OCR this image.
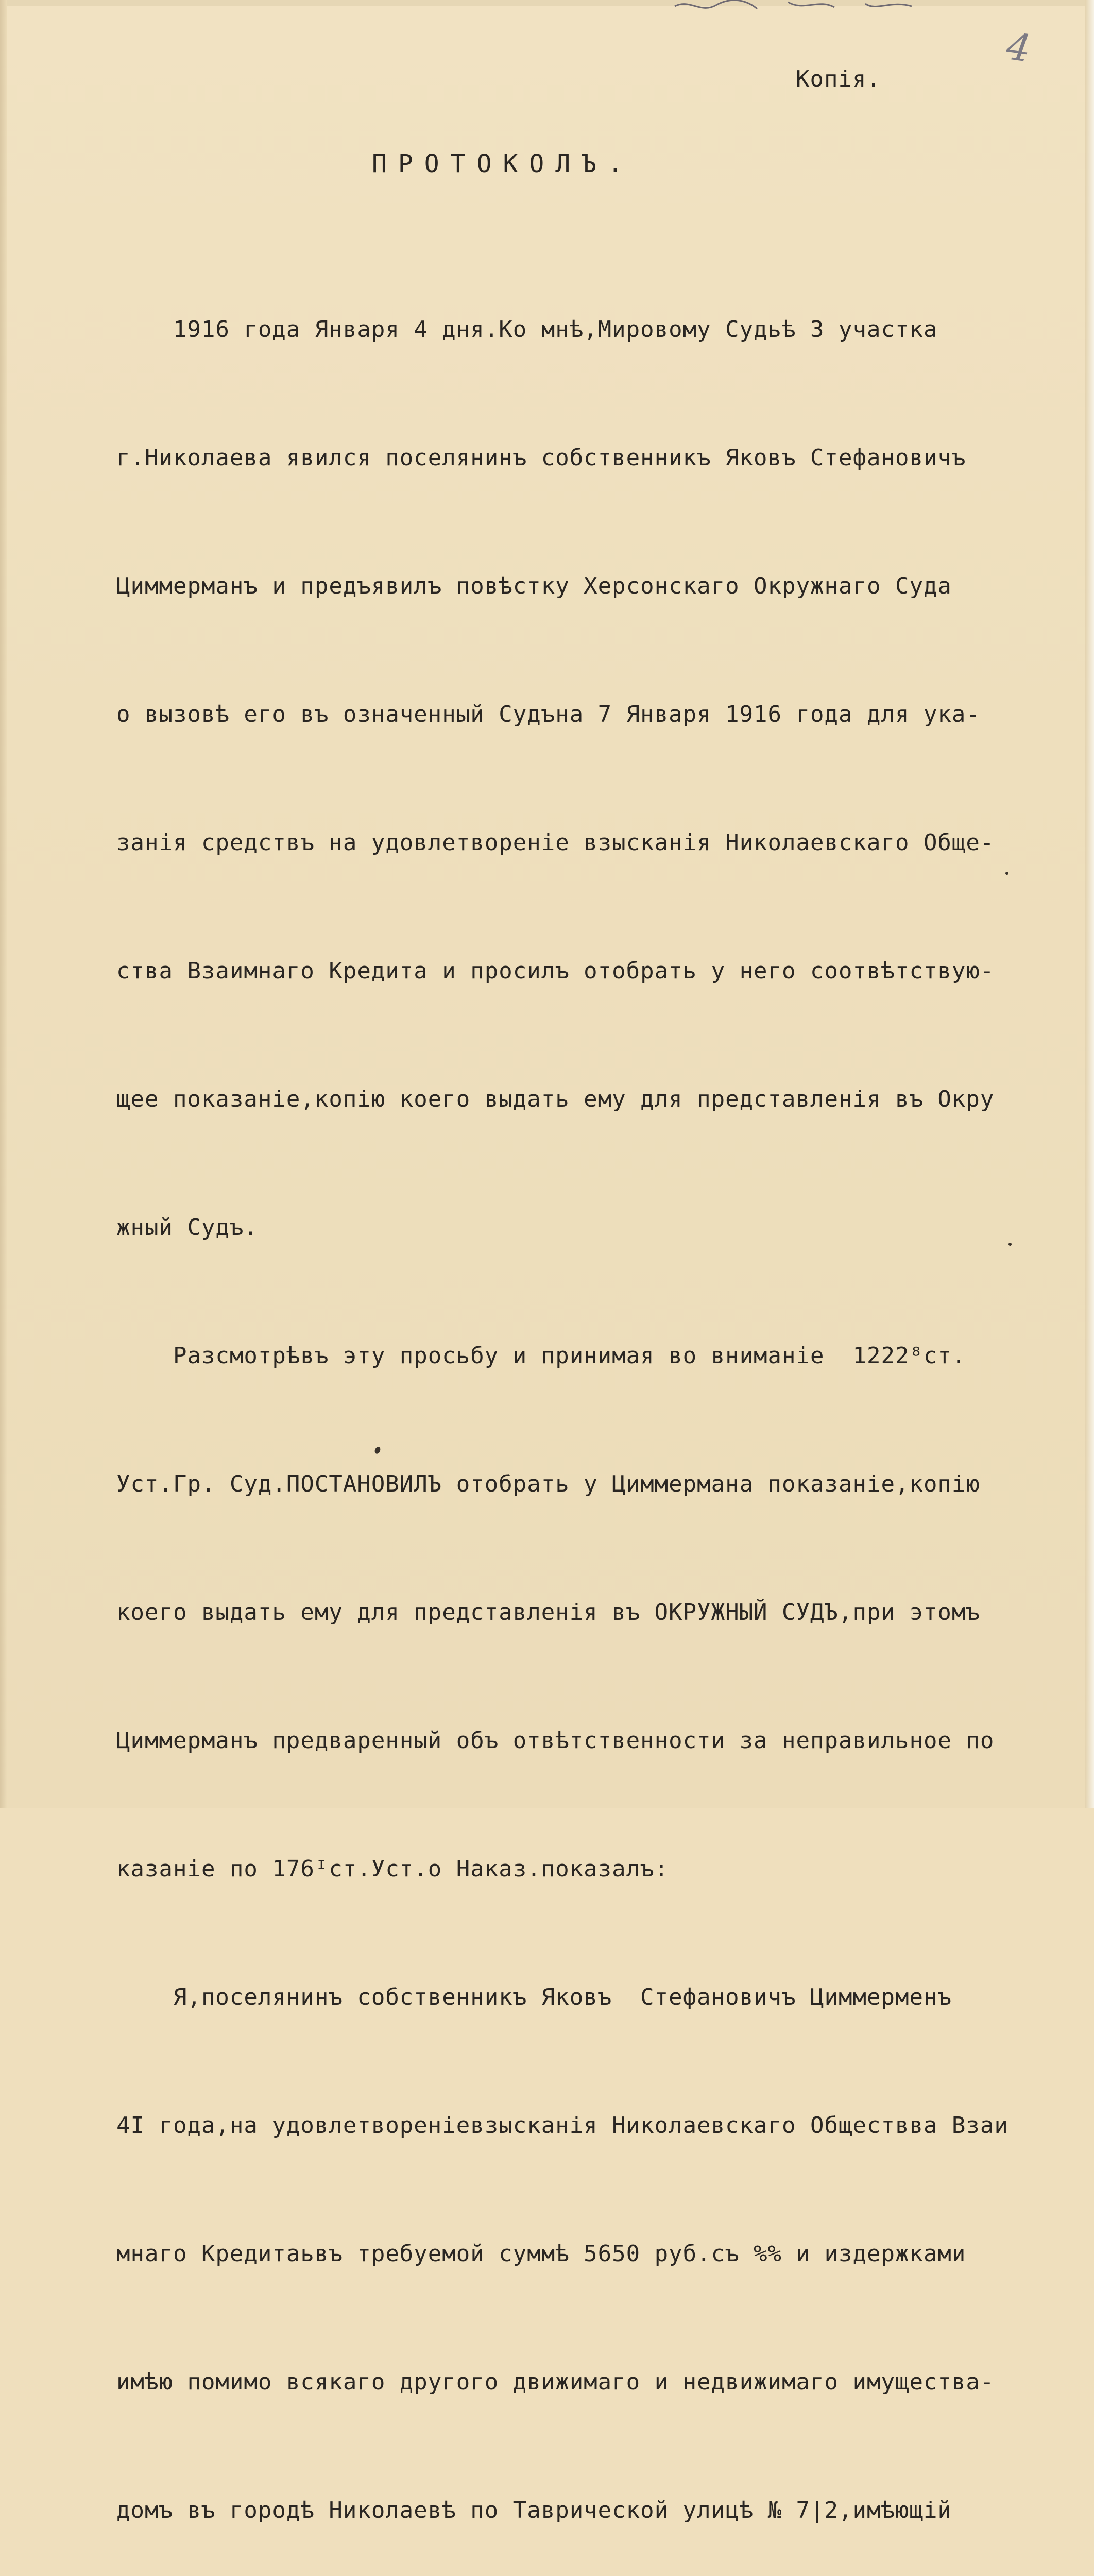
4
Копія.
ПРОТОКОЛЪ.

1916 года Января 4 дня.Ко мнѣ,Мировому Судьѣ 3 участка

г.Николаева явился поселянинъ собственникъ Яковъ Стефановичъ

Циммерманъ и предъявилъ повѣстку Херсонскаго Окружнаго Суда

о вызовѣ его въ означенный Судъна 7 Января 1916 года для ука-

занія средствъ на удовлетвореніе взысканія Николаевскаго Обще-

ства Взаимнаго Кредита и просилъ отобрать у него соотвѣтствую-

щее показаніе,копію коего выдать ему для представленія въ Окру

жный Судъ.

Разсмотрѣвъ эту просьбу и принимая во вниманіе  1222⁸ст.

Уст.Гр. Суд.ПОСТАНОВИЛЪ отобрать у Циммермана показаніе,копію

коего выдать ему для представленія въ ОКРУЖНЫЙ СУДЪ,при этомъ

Циммерманъ предваренный объ отвѣтственности за неправильное по

казаніе по 176ᴵст.Уст.о Наказ.показалъ:

Я,поселянинъ собственникъ Яковъ  Стефановичъ Циммерменъ

4I года,на удовлетвореніевзысканія Николаевскаго Обществва Взаи

мнаго Кредитаьвъ требуемой суммѣ 5650 руб.съ %% и издержками

имѣю помимо всякаго другого движимаго и недвижимаго имущества-

домъ въ городѣ Николаевѣ по Таврической улицѣ № 7|2,имѣющій
